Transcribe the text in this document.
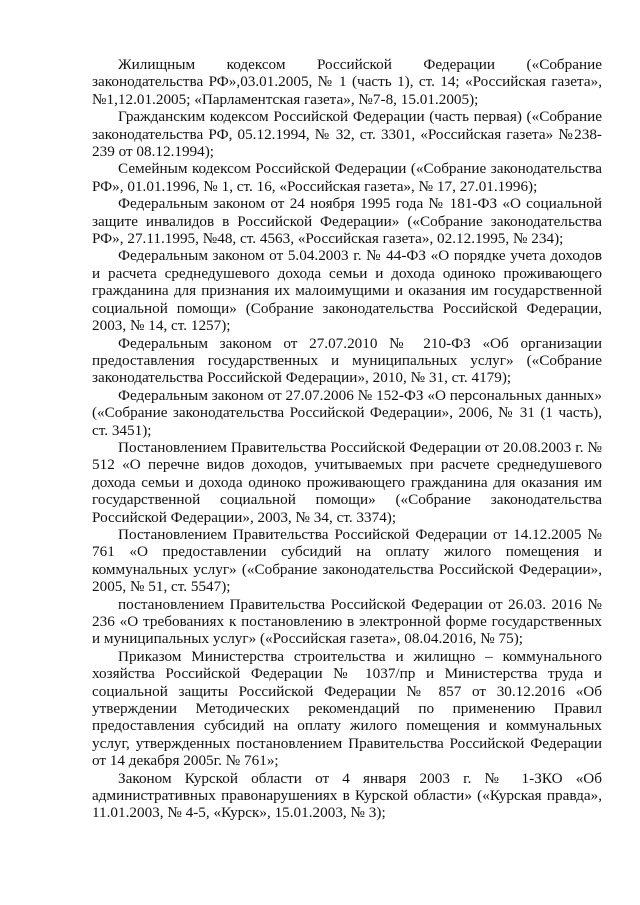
Жилищным кодексом Российской Федерации («Собрание законодательства РФ»,03.01.2005, № 1 (часть 1), ст. 14; «Российская газета»,№1,12.01.2005; «Парламентская газета», №7-8, 15.01.2005);

Гражданским кодексом Российской Федерации (часть первая) («Собрание законодательства РФ, 05.12.1994, № 32, ст. 3301, «Российская газета» №238-239 от 08.12.1994);

Семейным кодексом Российской Федерации («Собрание законодательства РФ», 01.01.1996, № 1, ст. 16, «Российская газета», № 17, 27.01.1996);

Федеральным законом от 24 ноября 1995 года № 181-ФЗ «О социальной защите инвалидов в Российской Федерации» («Собрание законодательства РФ», 27.11.1995, №48, ст. 4563, «Российская газета», 02.12.1995, № 234);

Федеральным законом от 5.04.2003 г. № 44-ФЗ «О порядке учета доходов и расчета среднедушевого дохода семьи и дохода одиноко проживающего гражданина для признания их малоимущими и оказания им государственной социальной помощи» (Собрание законодательства Российской Федерации, 2003, № 14, ст. 1257);

Федеральным законом от 27.07.2010 № 210-ФЗ «Об организации предоставления государственных и муниципальных услуг» («Собрание законодательства Российской Федерации», 2010, № 31, ст. 4179);

Федеральным законом от 27.07.2006 № 152-ФЗ «О персональных данных» («Собрание законодательства Российской Федерации», 2006, № 31 (1 часть), ст. 3451);

Постановлением Правительства Российской Федерации от 20.08.2003 г. № 512 «О перечне видов доходов, учитываемых при расчете среднедушевого дохода семьи и дохода одиноко проживающего гражданина для оказания им государственной социальной помощи» («Собрание законодательства Российской Федерации», 2003, № 34, ст. 3374);

Постановлением Правительства Российской Федерации от 14.12.2005 № 761 «О предоставлении субсидий на оплату жилого помещения и коммунальных услуг» («Собрание законодательства Российской Федерации», 2005, № 51, ст. 5547);

постановлением Правительства Российской Федерации от 26.03. 2016 № 236 «О требованиях к постановлению в электронной форме государственных и муниципальных услуг» («Российская газета», 08.04.2016, № 75);

Приказом Министерства строительства и жилищно – коммунального хозяйства Российской Федерации № 1037/пр и Министерства труда и социальной защиты Российской Федерации № 857 от 30.12.2016 «Об утверждении Методических рекомендаций по применению Правил предоставления субсидий на оплату жилого помещения и коммунальных услуг, утвержденных постановлением Правительства Российской Федерации от 14 декабря 2005г. № 761»;

Законом Курской области от 4 января 2003 г. № 1-ЗКО «Об административных правонарушениях в Курской области» («Курская правда», 11.01.2003, № 4-5, «Курск», 15.01.2003, № 3);
